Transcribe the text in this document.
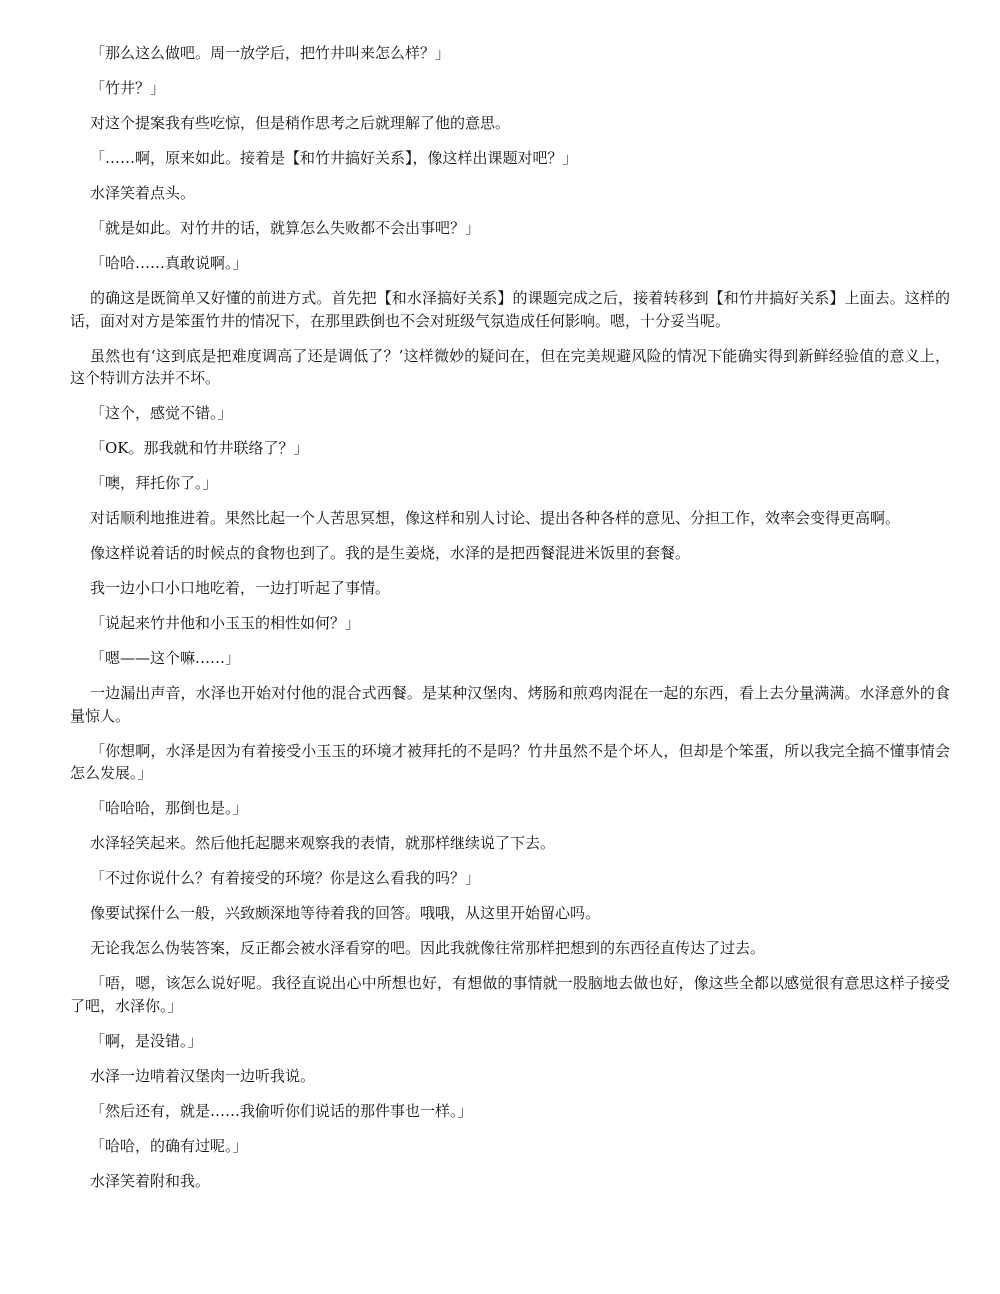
「那么这么做吧。周一放学后，把竹井叫来怎么样？」

「竹井？」

对这个提案我有些吃惊，但是稍作思考之后就理解了他的意思。

「……啊，原来如此。接着是【和竹井搞好关系】，像这样出课题对吧？」

水泽笑着点头。

「就是如此。对竹井的话，就算怎么失败都不会出事吧？」

「哈哈……真敢说啊。」

的确这是既简单又好懂的前进方式。首先把【和水泽搞好关系】的课题完成之后，接着转移到【和竹井搞好关系】上面去。这样的话，面对对方是笨蛋竹井的情况下，在那里跌倒也不会对班级气氛造成任何影响。嗯，十分妥当呢。

虽然也有‘这到底是把难度调高了还是调低了？’这样微妙的疑问在，但在完美规避风险的情况下能确实得到新鲜经验值的意义上，这个特训方法并不坏。

「这个，感觉不错。」

「OK。那我就和竹井联络了？」

「噢，拜托你了。」

对话顺利地推进着。果然比起一个人苦思冥想，像这样和别人讨论、提出各种各样的意见、分担工作，效率会变得更高啊。

像这样说着话的时候点的食物也到了。我的是生姜烧，水泽的是把西餐混进米饭里的套餐。

我一边小口小口地吃着，一边打听起了事情。

「说起来竹井他和小玉玉的相性如何？」

「嗯——这个嘛……」

一边漏出声音，水泽也开始对付他的混合式西餐。是某种汉堡肉、烤肠和煎鸡肉混在一起的东西，看上去分量满满。水泽意外的食量惊人。

「你想啊，水泽是因为有着接受小玉玉的环境才被拜托的不是吗？竹井虽然不是个坏人，但却是个笨蛋，所以我完全搞不懂事情会怎么发展。」

「哈哈哈，那倒也是。」

水泽轻笑起来。然后他托起腮来观察我的表情，就那样继续说了下去。

「不过你说什么？有着接受的环境？你是这么看我的吗？」

像要试探什么一般，兴致颇深地等待着我的回答。哦哦，从这里开始留心吗。

无论我怎么伪装答案，反正都会被水泽看穿的吧。因此我就像往常那样把想到的东西径直传达了过去。

「唔，嗯，该怎么说好呢。我径直说出心中所想也好，有想做的事情就一股脑地去做也好，像这些全都以感觉很有意思这样子接受了吧，水泽你。」

「啊，是没错。」

水泽一边啃着汉堡肉一边听我说。

「然后还有，就是……我偷听你们说话的那件事也一样。」

「哈哈，的确有过呢。」

水泽笑着附和我。
